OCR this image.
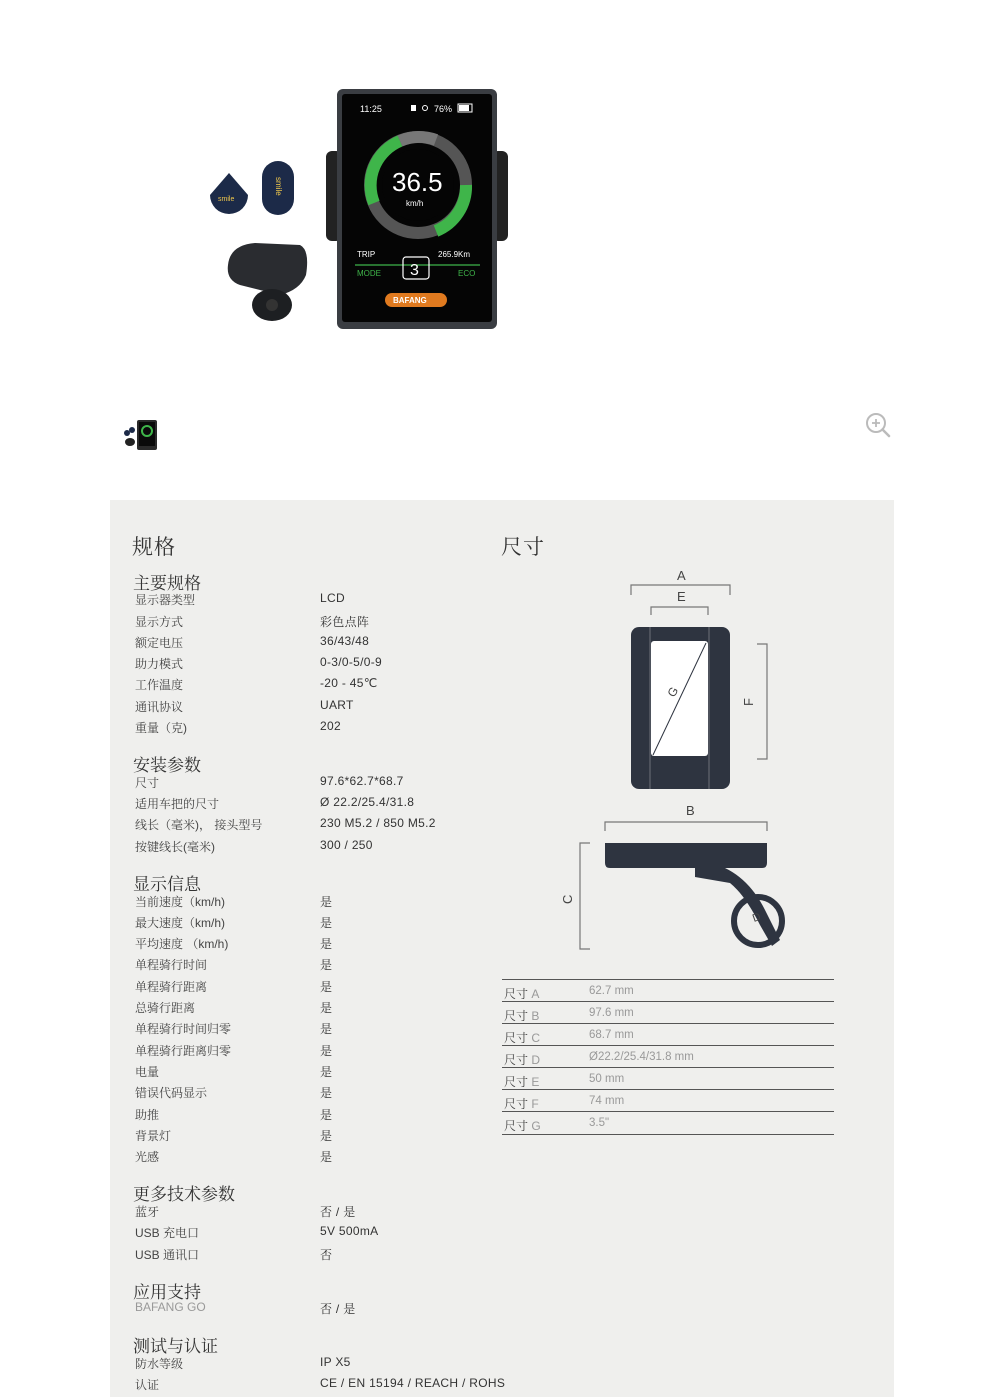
11:25	76%
36.5
km/h
TRIP	265.9Km
MODE 3	ECO
BAFANG
smile
smile
规格	尺寸
主要规格
显示器类型	LCD
显示方式	彩色点阵
额定电压	36/43/48
助力模式	0-3/0-5/0-9
工作温度	-20 - 45℃
通讯协议	UART
重量（克)	202
安装参数
尺寸	97.6*62.7*68.7
适用车把的尺寸	Ø 22.2/25.4/31.8
线长（毫米)， 接头型号	230 M5.2 / 850 M5.2
按键线长(毫米)	300 / 250
显示信息
当前速度（km/h)	是
最大速度（km/h)	是
平均速度 （km/h)	是
单程骑行时间	是
单程骑行距离	是
总骑行距离	是
单程骑行时间归零	是
单程骑行距离归零	是
电量	是
错误代码显示	是
助推	是
背景灯	是
光感	是
更多技术参数
蓝牙	否 / 是
USB 充电口	5V 500mA
USB 通讯口	否
应用支持
BAFANG GO	否 / 是
测试与认证
防水等级	IP X5
认证	CE / EN 15194 / REACH / ROHS
A
E
F
G
B
C
D
尺寸 A	62.7 mm
尺寸 B	97.6 mm
尺寸 C	68.7 mm
尺寸 D	Ø22.2/25.4/31.8 mm
尺寸 E	50 mm
尺寸 F	74 mm
尺寸 G	3.5"
